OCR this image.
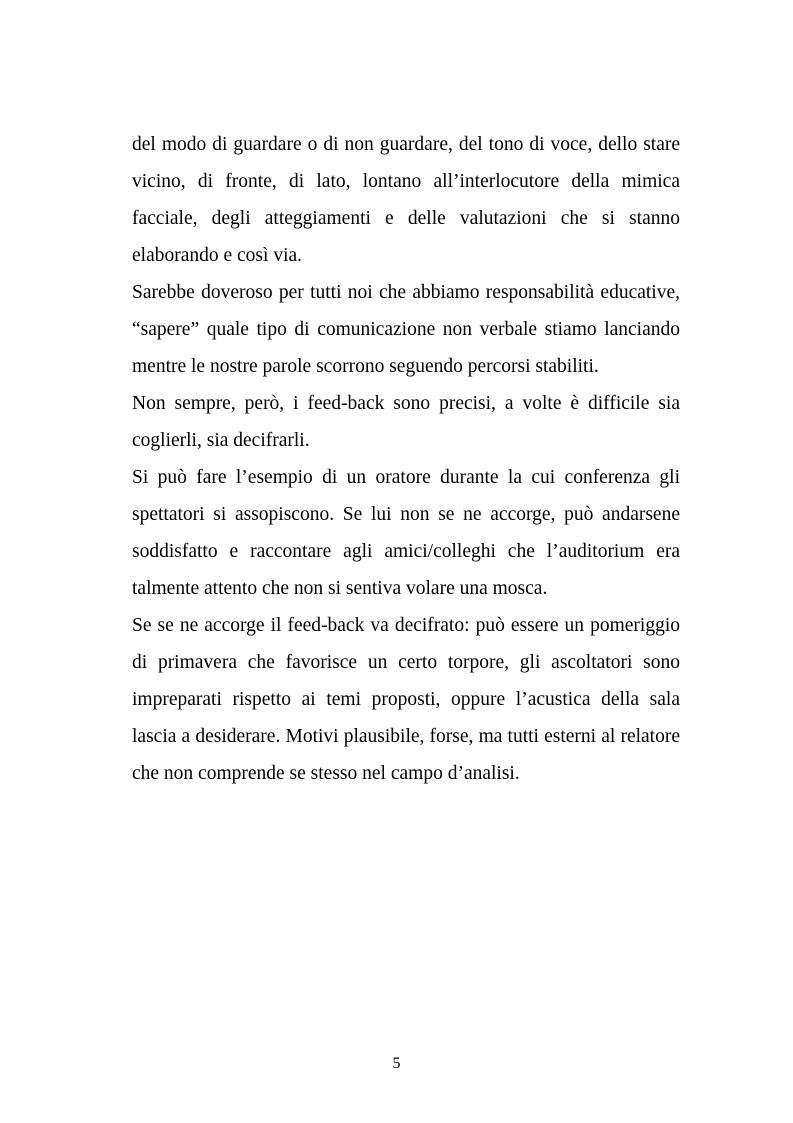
del modo di guardare o di non guardare, del tono di voce, dello stare vicino, di fronte, di lato, lontano all’interlocutore della mimica facciale, degli atteggiamenti e delle valutazioni che si stanno elaborando e così via.

Sarebbe doveroso per tutti noi che abbiamo responsabilità educative, “sapere” quale tipo di comunicazione non verbale stiamo lanciando mentre le nostre parole scorrono seguendo percorsi stabiliti.

Non sempre, però, i feed-back sono precisi, a volte è difficile sia coglierli, sia decifrarli.

Si può fare l’esempio di un oratore durante la cui conferenza gli spettatori si assopiscono. Se lui non se ne accorge, può andarsene soddisfatto e raccontare agli amici/colleghi che l’auditorium era talmente attento che non si sentiva volare una mosca.

Se se ne accorge il feed-back va decifrato: può essere un pomeriggio di primavera che favorisce un certo torpore, gli ascoltatori sono impreparati rispetto ai temi proposti, oppure l’acustica della sala lascia a desiderare. Motivi plausibile, forse, ma tutti esterni al relatore che non comprende se stesso nel campo d’analisi.

5
